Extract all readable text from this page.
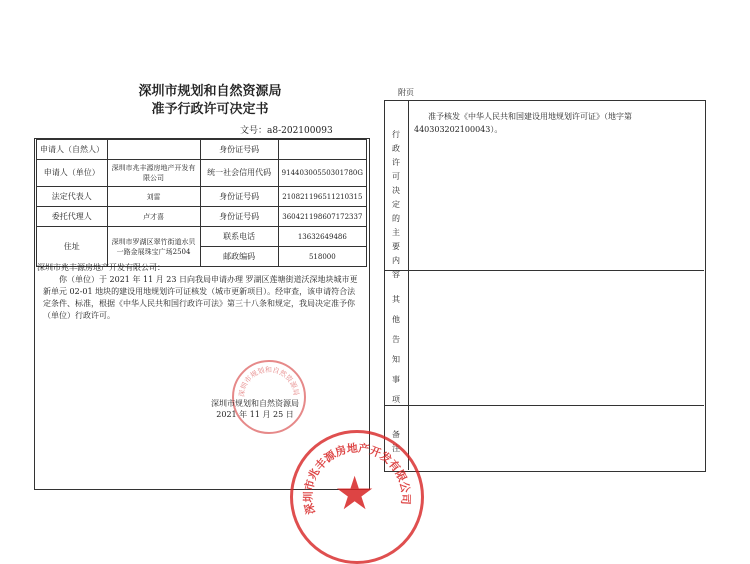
深圳市规划和自然资源局
准予行政许可决定书
文号：a8-202100093
申请人（自然人）		身份证号码	
申请人（单位）	深圳市兆丰源房地产开发有限公司	统一社会信用代码	91440300550301780G
法定代表人	刘雷	身份证号码	210821196511210315
委托代理人	卢才喜	身份证号码	360421198607172337
住址	深圳市罗湖区翠竹街道水贝一路金展珠宝广场2504	联系电话	13632649486
		邮政编码	518000
深圳市兆丰源房地产开发有限公司：
你（单位）于 2021 年 11 月 23 日向我局申请办理 罗湖区莲塘街道沃深地块城市更新单元 02-01 地块的建设用地规划许可证核发（城市更新项目）。经审查，该申请符合法定条件、标准，根据《中华人民共和国行政许可法》第三十八条和规定，我局决定准予你（单位）行政许可。
深圳市规划和自然资源局
深圳市规划和自然资源局
2021 年 11 月 25 日
附页
行政许可决定的主要内容
准予核发《中华人民共和国建设用地规划许可证》（地字第440303202100043）。
其他告知事项
备注
深圳市兆丰源房地产开发有限公司
★
